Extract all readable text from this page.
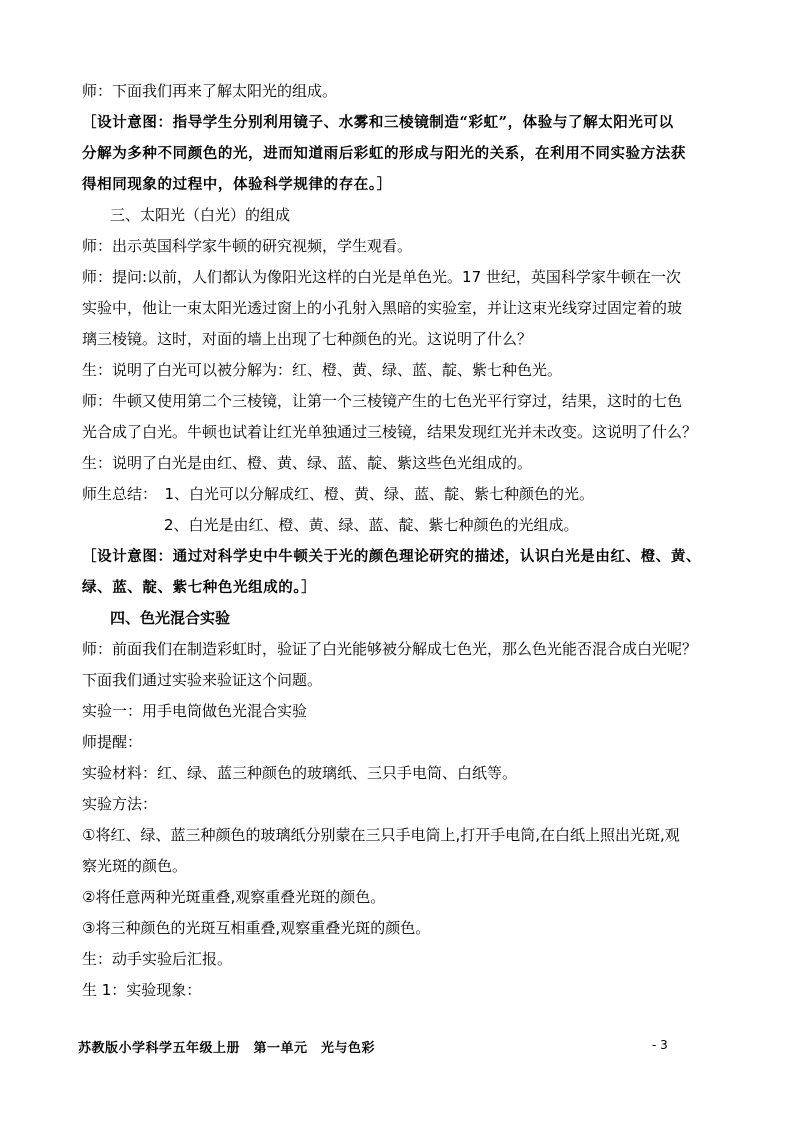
师：下面我们再来了解太阳光的组成。
［设计意图：指导学生分别利用镜子、水雾和三棱镜制造“彩虹”，体验与了解太阳光可以
分解为多种不同颜色的光，进而知道雨后彩虹的形成与阳光的关系，在利用不同实验方法获
得相同现象的过程中，体验科学规律的存在。］
三、太阳光（白光）的组成
师：出示英国科学家牛顿的研究视频，学生观看。
师：提问:以前，人们都认为像阳光这样的白光是单色光。17 世纪，英国科学家牛顿在一次
实验中，他让一束太阳光透过窗上的小孔射入黑暗的实验室，并让这束光线穿过固定着的玻
璃三棱镜。这时，对面的墙上出现了七种颜色的光。这说明了什么？
生：说明了白光可以被分解为：红、橙、黄、绿、蓝、靛、紫七种色光。
师：牛顿又使用第二个三棱镜，让第一个三棱镜产生的七色光平行穿过，结果，这时的七色
光合成了白光。牛顿也试着让红光单独通过三棱镜，结果发现红光并未改变。这说明了什么？
生：说明了白光是由红、橙、黄、绿、蓝、靛、紫这些色光组成的。
师生总结：　1、白光可以分解成红、橙、黄、绿、蓝、靛、紫七种颜色的光。
2、白光是由红、橙、黄、绿、蓝、靛、紫七种颜色的光组成。
［设计意图：通过对科学史中牛顿关于光的颜色理论研究的描述，认识白光是由红、橙、黄、
绿、蓝、靛、紫七种色光组成的。］
四、色光混合实验
师：前面我们在制造彩虹时，验证了白光能够被分解成七色光，那么色光能否混合成白光呢？
下面我们通过实验来验证这个问题。
实验一：用手电筒做色光混合实验
师提醒：
实验材料：红、绿、蓝三种颜色的玻璃纸、三只手电筒、白纸等。
实验方法：
①将红、绿、蓝三种颜色的玻璃纸分别蒙在三只手电筒上,打开手电筒,在白纸上照出光斑,观
察光斑的颜色。
②将任意两种光斑重叠,观察重叠光斑的颜色。
③将三种颜色的光斑互相重叠,观察重叠光斑的颜色。
生：动手实验后汇报。
生 1：实验现象：
苏教版小学科学五年级上册　第一单元　光与色彩	- 3
